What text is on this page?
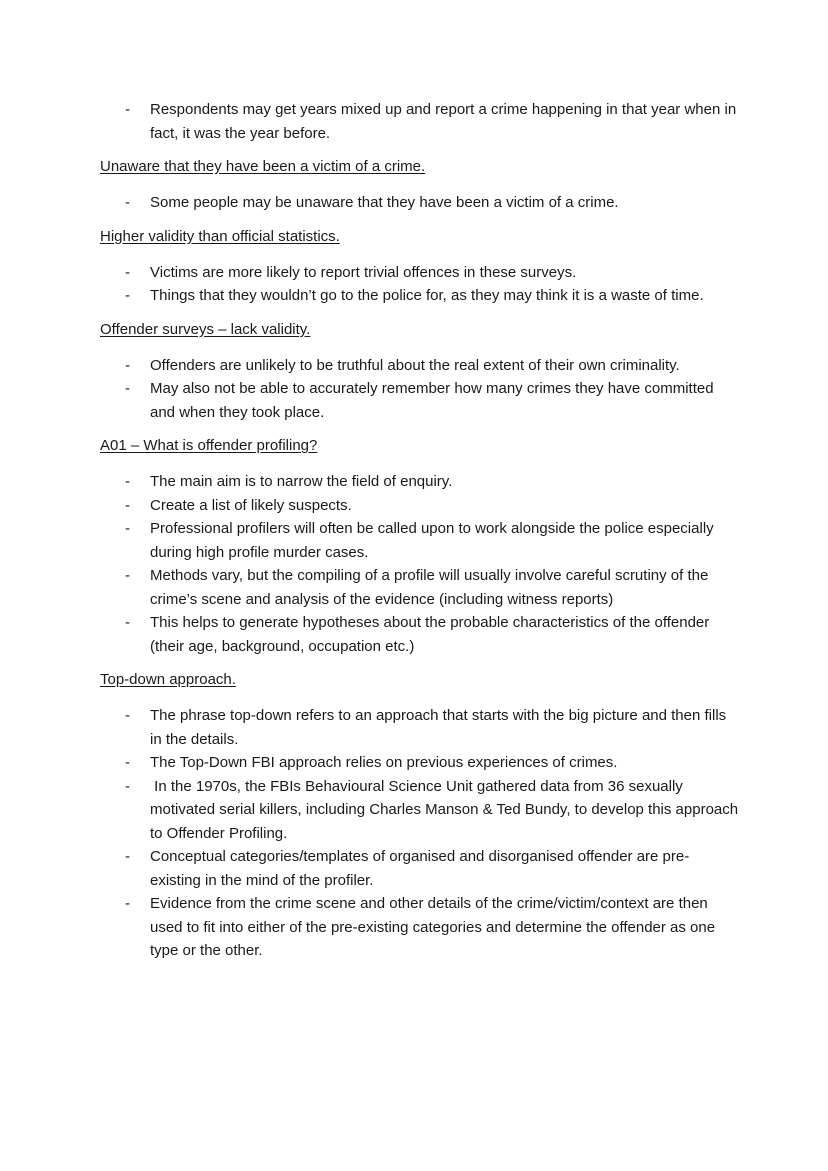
- Respondents may get years mixed up and report a crime happening in that year when in fact, it was the year before.
Unaware that they have been a victim of a crime.
- Some people may be unaware that they have been a victim of a crime.
Higher validity than official statistics.
- Victims are more likely to report trivial offences in these surveys.
- Things that they wouldn’t go to the police for, as they may think it is a waste of time.
Offender surveys – lack validity.
- Offenders are unlikely to be truthful about the real extent of their own criminality.
- May also not be able to accurately remember how many crimes they have committed and when they took place.
A01 – What is offender profiling?
- The main aim is to narrow the field of enquiry.
- Create a list of likely suspects.
- Professional profilers will often be called upon to work alongside the police especially during high profile murder cases.
- Methods vary, but the compiling of a profile will usually involve careful scrutiny of the crime’s scene and analysis of the evidence (including witness reports)
- This helps to generate hypotheses about the probable characteristics of the offender (their age, background, occupation etc.)
Top-down approach.
- The phrase top-down refers to an approach that starts with the big picture and then fills in the details.
- The Top-Down FBI approach relies on previous experiences of crimes.
- In the 1970s, the FBIs Behavioural Science Unit gathered data from 36 sexually motivated serial killers, including Charles Manson & Ted Bundy, to develop this approach to Offender Profiling.
- Conceptual categories/templates of organised and disorganised offender are pre-existing in the mind of the profiler.
- Evidence from the crime scene and other details of the crime/victim/context are then used to fit into either of the pre-existing categories and determine the offender as one type or the other.
